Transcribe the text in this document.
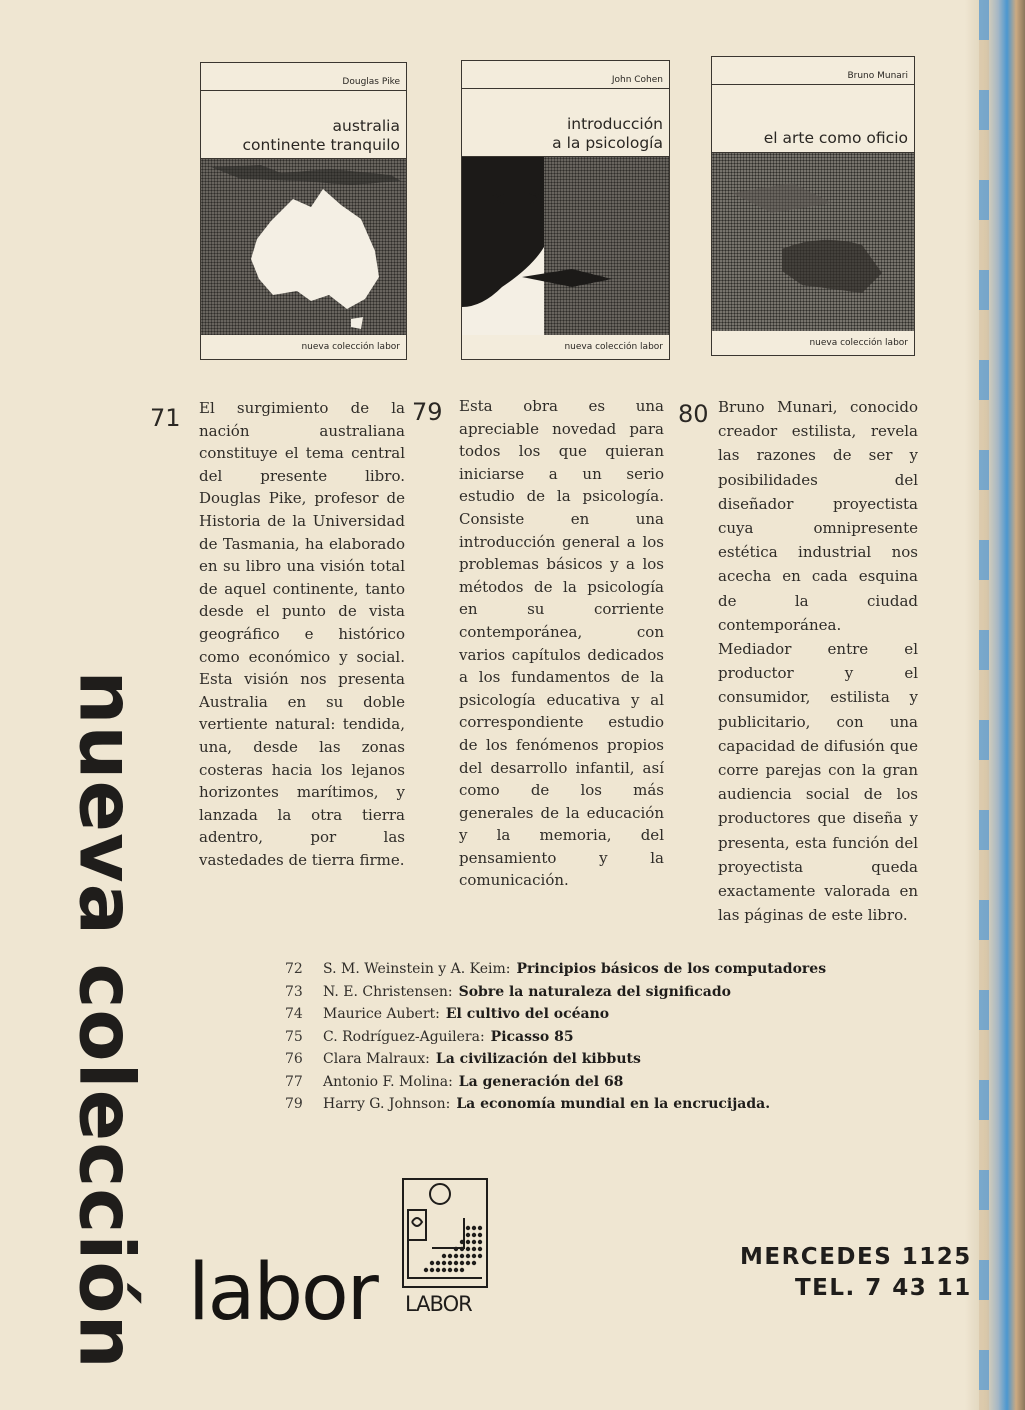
Douglas Pike
australia
continente tranquilo
nueva colección labor
John Cohen
introducción
a la psicología
nueva colección labor
Bruno Munari
el arte como oficio
nueva colección labor
71	79	80
El surgimiento de la nación australiana constituye el tema central del presente libro. Douglas Pike, profesor de Historia de la Universidad de Tasmania, ha elaborado en su libro una visión total de aquel continente, tanto desde el punto de vista geográfico e histórico como económico y social. Esta visión nos presenta Australia en su doble vertiente natural: tendida, una, desde las zonas costeras hacia los lejanos horizontes marítimos, y lanzada la otra tierra adentro, por las vastedades de tierra firme.
Esta obra es una apreciable novedad para todos los que quieran iniciarse a un serio estudio de la psicología. Consiste en una introducción general a los problemas básicos y a los métodos de la psicología en su corriente contemporánea, con varios capítulos dedicados a los fundamentos de la psicología educativa y al correspondiente estudio de los fenómenos propios del desarrollo infantil, así como de los más generales de la educación y la memoria, del pensamiento y la comunicación.
Bruno Munari, conocido creador estilista, revela las razones de ser y posibilidades del diseñador proyectista cuya omnipresente estética industrial nos acecha en cada esquina de la ciudad contemporánea. Mediador entre el productor y el consumidor, estilista y publicitario, con una capacidad de difusión que corre parejas con la gran audiencia social de los productores que diseña y presenta, esta función del proyectista queda exactamente valorada en las páginas de este libro.
nueva colección	72	S. M. Weinstein y A. Keim: Principios básicos de los computadores
73	N. E. Christensen: Sobre la naturaleza del significado
74	Maurice Aubert: El cultivo del océano
75	C. Rodríguez-Aguilera: Picasso 85
76	Clara Malraux: La civilización del kibbuts
77	Antonio F. Molina: La generación del 68
79	Harry G. Johnson: La economía mundial en la encrucijada.
labor LABOR
MERCEDES 1125
TEL. 7 43 11
